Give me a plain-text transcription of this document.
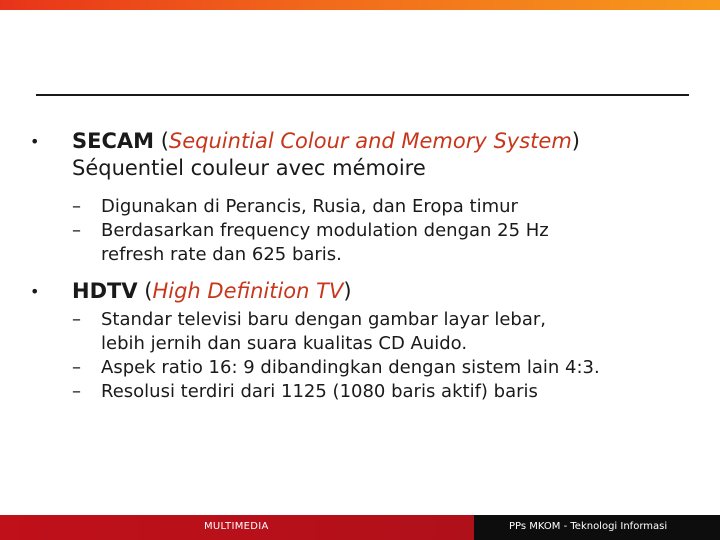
•	SECAM (Sequintial Colour and Memory System)
Séquentiel couleur avec mémoire
–	Digunakan di Perancis, Rusia, dan Eropa timur
–	Berdasarkan frequency modulation dengan 25 Hz
refresh rate dan 625 baris.
•	HDTV (High Definition TV)
–	Standar televisi baru dengan gambar layar lebar,
lebih jernih dan suara kualitas CD Auido.
–	Aspek ratio 16: 9 dibandingkan dengan sistem lain 4:3.
–	Resolusi terdiri dari 1125 (1080 baris aktif) baris
MULTIMEDIA	PPs MKOM - Teknologi Informasi
